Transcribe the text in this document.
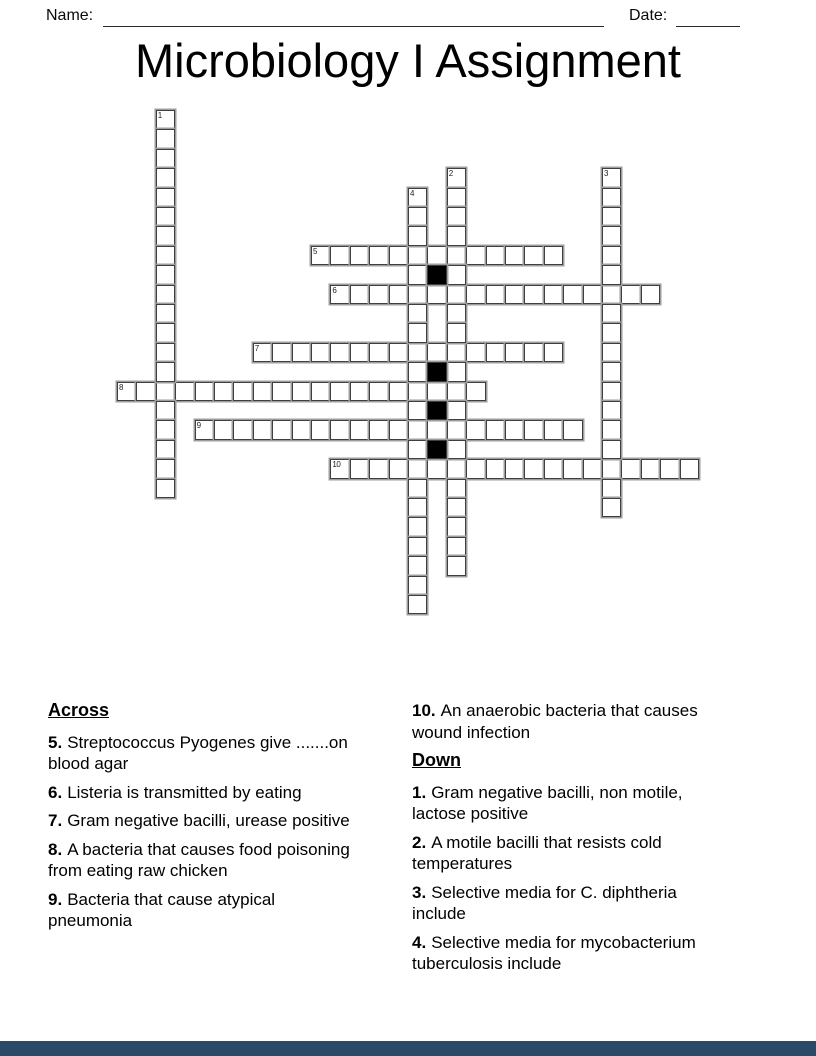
Name:	Date:
Microbiology I Assignment
5
6
7
8
9
10
1
2	3
4
Across
5. Streptococcus Pyogenes give .......on blood agar
6. Listeria is transmitted by eating
7. Gram negative bacilli, urease positive
8. A bacteria that causes food poisoning from eating raw chicken
9. Bacteria that cause atypical pneumonia
10. An anaerobic bacteria that causes wound infection
Down
1. Gram negative bacilli, non motile, lactose positive
2. A motile bacilli that resists cold temperatures
3. Selective media for C. diphtheria include
4. Selective media for mycobacterium tuberculosis include
